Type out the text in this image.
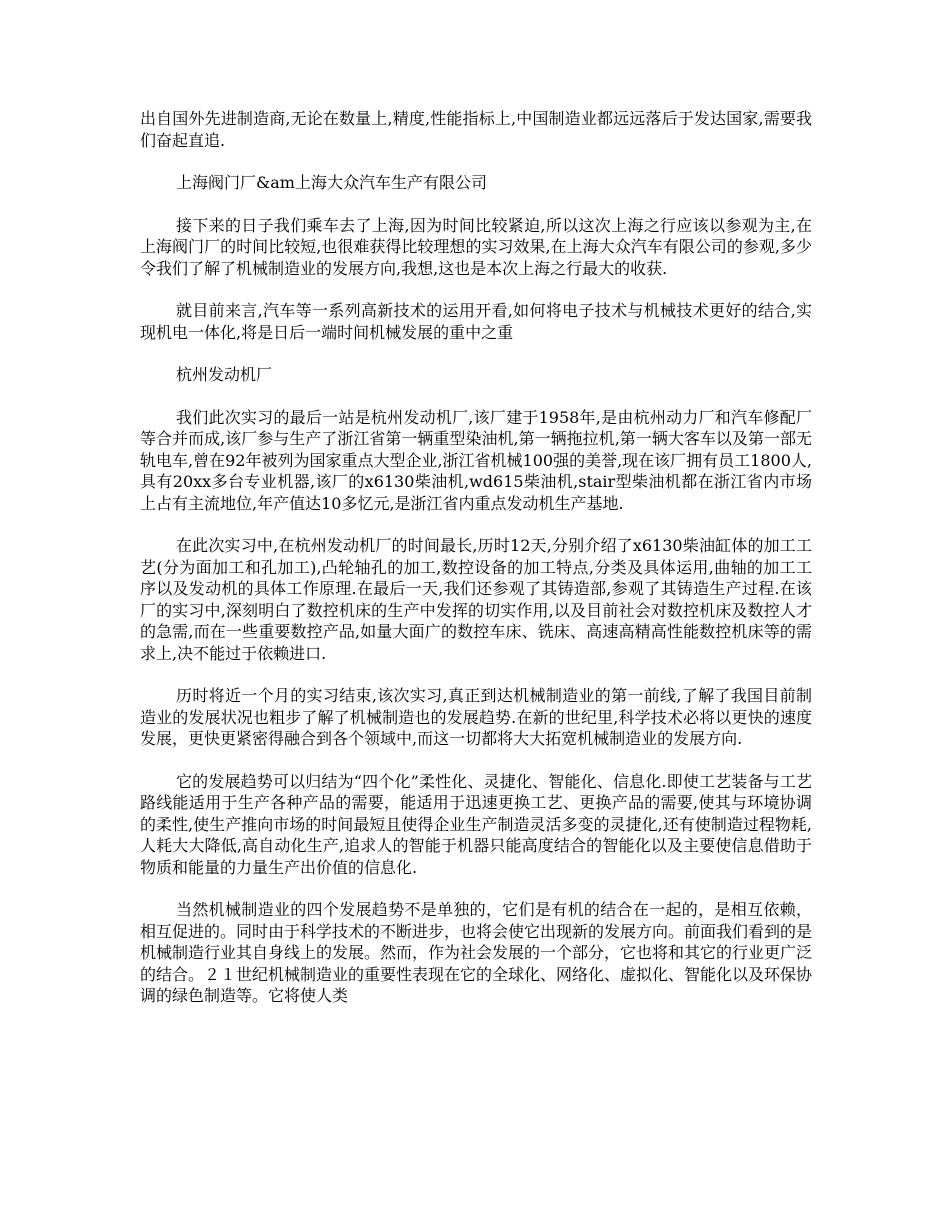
出自国外先进制造商,无论在数量上,精度,性能指标上,中国制造业都远远落后于发达国家,需要我们奋起直追.

上海阀门厂&am上海大众汽车生产有限公司

接下来的日子我们乘车去了上海,因为时间比较紧迫,所以这次上海之行应该以参观为主,在上海阀门厂的时间比较短,也很难获得比较理想的实习效果,在上海大众汽车有限公司的参观,多少令我们了解了机械制造业的发展方向,我想,这也是本次上海之行最大的收获.

就目前来言,汽车等一系列高新技术的运用开看,如何将电子技术与机械技术更好的结合,实现机电一体化,将是日后一端时间机械发展的重中之重

杭州发动机厂

我们此次实习的最后一站是杭州发动机厂,该厂建于1958年,是由杭州动力厂和汽车修配厂等合并而成,该厂参与生产了浙江省第一辆重型染油机,第一辆拖拉机,第一辆大客车以及第一部无轨电车,曾在92年被列为国家重点大型企业,浙江省机械100强的美誉,现在该厂拥有员工1800人,具有20xx多台专业机器,该厂的x6130柴油机,wd615柴油机,stair型柴油机都在浙江省内市场上占有主流地位,年产值达10多忆元,是浙江省内重点发动机生产基地.

在此次实习中,在杭州发动机厂的时间最长,历时12天,分别介绍了x6130柴油缸体的加工工艺(分为面加工和孔加工),凸轮轴孔的加工,数控设备的加工特点,分类及具体运用,曲轴的加工工序以及发动机的具体工作原理.在最后一天,我们还参观了其铸造部,参观了其铸造生产过程.在该厂的实习中,深刻明白了数控机床的生产中发挥的切实作用,以及目前社会对数控机床及数控人才的急需,而在一些重要数控产品,如量大面广的数控车床、铣床、高速高精高性能数控机床等的需求上,决不能过于依赖进口.

历时将近一个月的实习结束,该次实习,真正到达机械制造业的第一前线,了解了我国目前制造业的发展状况也粗步了解了机械制造也的发展趋势.在新的世纪里,科学技术必将以更快的速度发展，更快更紧密得融合到各个领域中,而这一切都将大大拓宽机械制造业的发展方向.

它的发展趋势可以归结为“四个化”柔性化、灵捷化、智能化、信息化.即使工艺装备与工艺路线能适用于生产各种产品的需要，能适用于迅速更换工艺、更换产品的需要,使其与环境协调的柔性,使生产推向市场的时间最短且使得企业生产制造灵活多变的灵捷化,还有使制造过程物耗,人耗大大降低,高自动化生产,追求人的智能于机器只能高度结合的智能化以及主要使信息借助于物质和能量的力量生产出价值的信息化.

当然机械制造业的四个发展趋势不是单独的，它们是有机的结合在一起的，是相互依赖，相互促进的。同时由于科学技术的不断进步，也将会使它出现新的发展方向。前面我们看到的是机械制造行业其自身线上的发展。然而，作为社会发展的一个部分，它也将和其它的行业更广泛的结合。２１世纪机械制造业的重要性表现在它的全球化、网络化、虚拟化、智能化以及环保协调的绿色制造等。它将使人类
